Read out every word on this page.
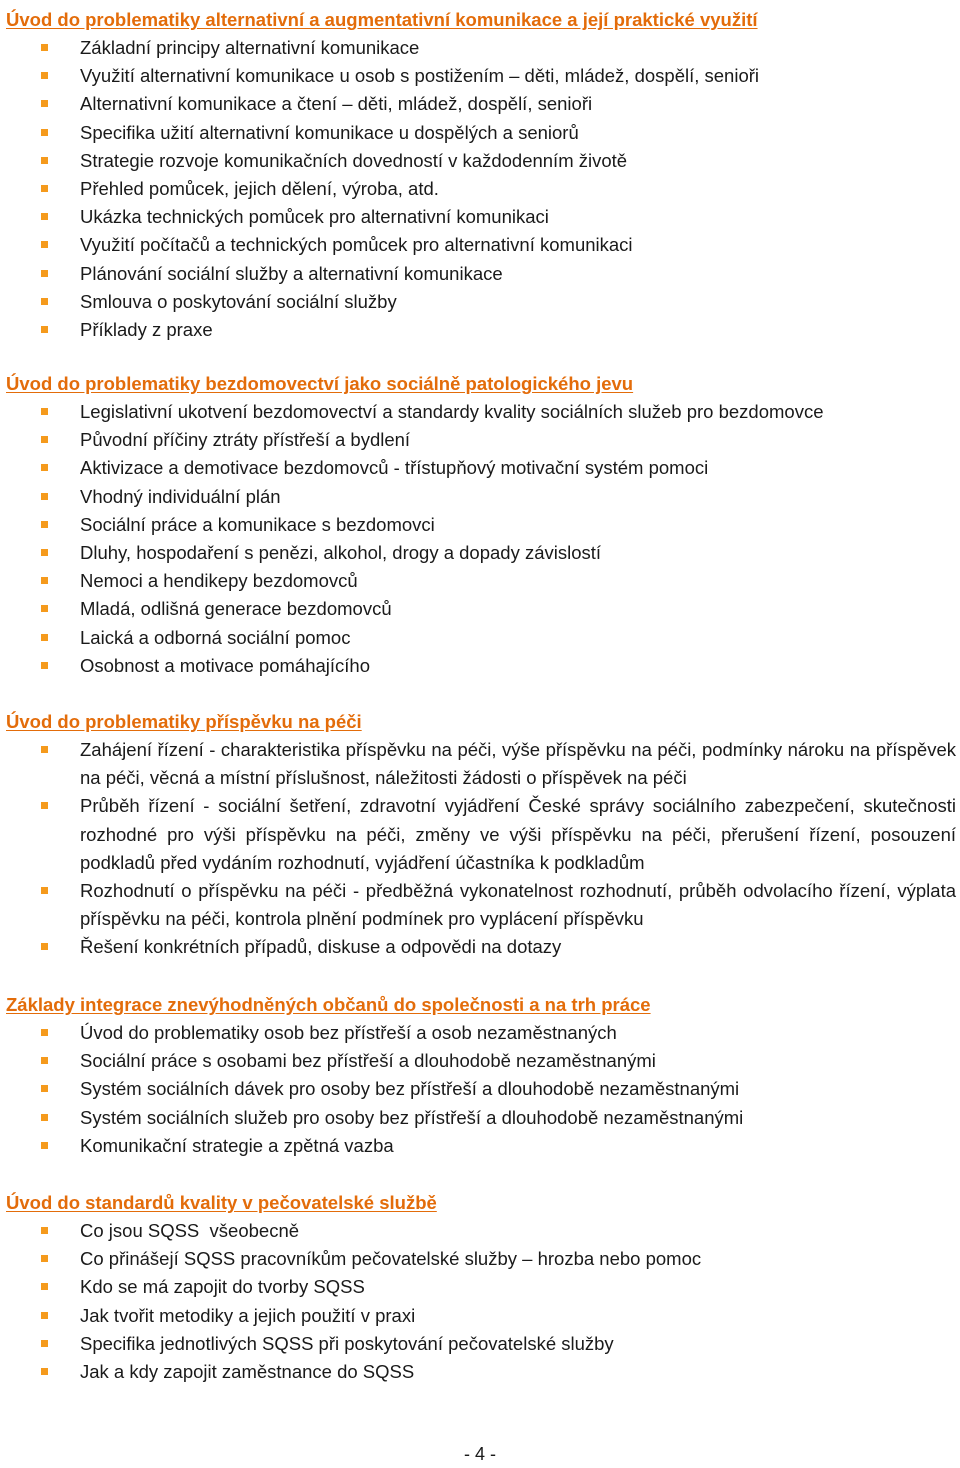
Úvod do problematiky alternativní a augmentativní komunikace a její praktické využití
Základní principy alternativní komunikace
Využití alternativní komunikace u osob s postižením – děti, mládež, dospělí, senioři
Alternativní komunikace a čtení – děti, mládež, dospělí, senioři
Specifika užití alternativní komunikace u dospělých a seniorů
Strategie rozvoje komunikačních dovedností v každodenním životě
Přehled pomůcek, jejich dělení, výroba, atd.
Ukázka technických pomůcek pro alternativní komunikaci
Využití počítačů a technických pomůcek pro alternativní komunikaci
Plánování sociální služby a alternativní komunikace
Smlouva o poskytování sociální služby
Příklady z praxe
Úvod do problematiky bezdomovectví jako sociálně patologického jevu
Legislativní ukotvení bezdomovectví a standardy kvality sociálních služeb pro bezdomovce
Původní příčiny ztráty přístřeší a bydlení
Aktivizace a demotivace bezdomovců - třístupňový motivační systém pomoci
Vhodný individuální plán
Sociální práce a komunikace s bezdomovci
Dluhy, hospodaření s penězi, alkohol, drogy a dopady závislostí
Nemoci a hendikepy bezdomovců
Mladá, odlišná generace bezdomovců
Laická a odborná sociální pomoc
Osobnost a motivace pomáhajícího
Úvod do problematiky příspěvku na péči
Zahájení řízení - charakteristika příspěvku na péči, výše příspěvku na péči, podmínky nároku na příspěvek na péči, věcná a místní příslušnost, náležitosti žádosti o příspěvek na péči
Průběh řízení - sociální šetření, zdravotní vyjádření České správy sociálního zabezpečení, skutečnosti rozhodné pro výši příspěvku na péči, změny ve výši příspěvku na péči, přerušení řízení, posouzení podkladů před vydáním rozhodnutí, vyjádření účastníka k podkladům
Rozhodnutí o příspěvku na péči - předběžná vykonatelnost rozhodnutí, průběh odvolacího řízení, výplata příspěvku na péči, kontrola plnění podmínek pro vyplácení příspěvku
Řešení konkrétních případů, diskuse a odpovědi na dotazy
Základy integrace znevýhodněných občanů do společnosti a na trh práce
Úvod do problematiky osob bez přístřeší a osob nezaměstnaných
Sociální práce s osobami bez přístřeší a dlouhodobě nezaměstnanými
Systém sociálních dávek pro osoby bez přístřeší a dlouhodobě nezaměstnanými
Systém sociálních služeb pro osoby bez přístřeší a dlouhodobě nezaměstnanými
Komunikační strategie a zpětná vazba
Úvod do standardů kvality v pečovatelské službě
Co jsou SQSS  všeobecně
Co přinášejí SQSS pracovníkům pečovatelské služby – hrozba nebo pomoc
Kdo se má zapojit do tvorby SQSS
Jak tvořit metodiky a jejich použití v praxi
Specifika jednotlivých SQSS při poskytování pečovatelské služby
Jak a kdy zapojit zaměstnance do SQSS
- 4 -
